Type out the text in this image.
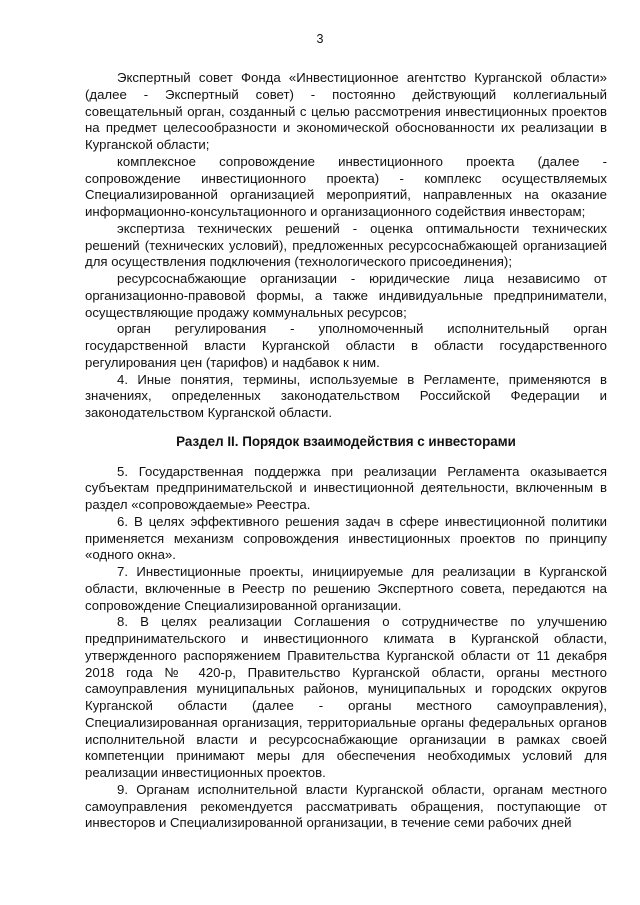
3

Экспертный совет Фонда «Инвестиционное агентство Курганской области» (далее - Экспертный совет) - постоянно действующий коллегиальный совещательный орган, созданный с целью рассмотрения инвестиционных проектов на предмет целесообразности и экономической обоснованности их реализации в Курганской области;

комплексное сопровождение инвестиционного проекта (далее - сопровождение инвестиционного проекта) - комплекс осуществляемых Специализированной организацией мероприятий, направленных на оказание информационно-консультационного и организационного содействия инвесторам;

экспертиза технических решений - оценка оптимальности технических решений (технических условий), предложенных ресурсоснабжающей организацией для осуществления подключения (технологического присоединения);

ресурсоснабжающие организации - юридические лица независимо от организационно-правовой формы, а также индивидуальные предприниматели, осуществляющие продажу коммунальных ресурсов;

орган регулирования - уполномоченный исполнительный орган государственной власти Курганской области в области государственного регулирования цен (тарифов) и надбавок к ним.

4. Иные понятия, термины, используемые в Регламенте, применяются в значениях, определенных законодательством Российской Федерации и законодательством Курганской области.

Раздел II. Порядок взаимодействия с инвесторами

5. Государственная поддержка при реализации Регламента оказывается субъектам предпринимательской и инвестиционной деятельности, включенным в раздел «сопровождаемые» Реестра.

6. В целях эффективного решения задач в сфере инвестиционной политики применяется механизм сопровождения инвестиционных проектов по принципу «одного окна».

7. Инвестиционные проекты, инициируемые для реализации в Курганской области, включенные в Реестр по решению Экспертного совета, передаются на сопровождение Специализированной организации.

8. В целях реализации Соглашения о сотрудничестве по улучшению предпринимательского и инвестиционного климата в Курганской области, утвержденного распоряжением Правительства Курганской области от 11 декабря 2018 года № 420-р, Правительство Курганской области, органы местного самоуправления муниципальных районов, муниципальных и городских округов Курганской области (далее - органы местного самоуправления), Специализированная организация, территориальные органы федеральных органов исполнительной власти и ресурсоснабжающие организации в рамках своей компетенции принимают меры для обеспечения необходимых условий для реализации инвестиционных проектов.

9. Органам исполнительной власти Курганской области, органам местного самоуправления рекомендуется рассматривать обращения, поступающие от инвесторов и Специализированной организации, в течение семи рабочих дней
